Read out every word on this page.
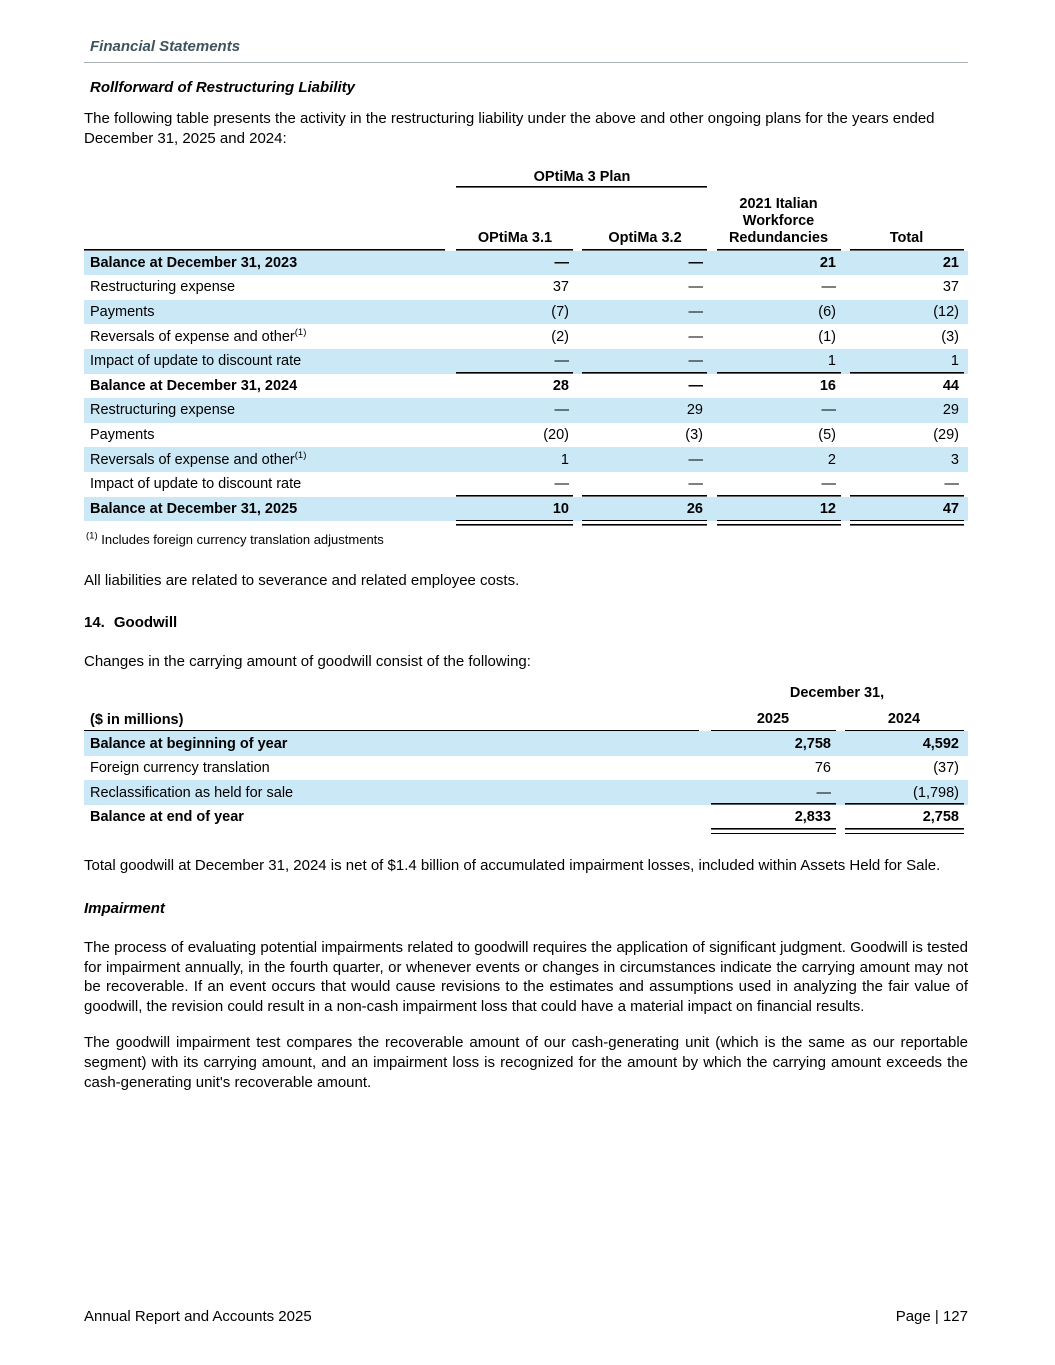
Financial Statements
Rollforward of Restructuring Liability
The following table presents the activity in the restructuring liability under the above and other ongoing plans for the years ended December 31, 2025 and 2024:
	OPtiMa 3 Plan			
	OPtiMa 3.1	OptiMa 3.2	2021 Italian Workforce Redundancies	Total
Balance at December 31, 2023	—	—	21	21
Restructuring expense	37	—	—	37
Payments	(7)	—	(6)	(12)
Reversals of expense and other$^{(1)}$	(2)	—	(1)	(3)
Impact of update to discount rate	—	—	1	1
Balance at December 31, 2024	28	—	16	44
Restructuring expense	—	29	—	29
Payments	(20)	(3)	(5)	(29)
Reversals of expense and other$^{(1)}$	1	—	2	3
Impact of update to discount rate	—	—	—	—
Balance at December 31, 2025	10	26	12	47

$^{(1)}$ Includes foreign currency translation adjustments
All liabilities are related to severance and related employee costs.
14. Goodwill
Changes in the carrying amount of goodwill consist of the following:
	December 31,	
($ in millions)	2025	2024
Balance at beginning of year	2,758	4,592
Foreign currency translation	76	(37)
Reclassification as held for sale	—	(1,798)
Balance at end of year	2,833	2,758

Total goodwill at December 31, 2024 is net of $1.4 billion of accumulated impairment losses, included within Assets Held for Sale.
Impairment
The process of evaluating potential impairments related to goodwill requires the application of significant judgment. Goodwill is tested for impairment annually, in the fourth quarter, or whenever events or changes in circumstances indicate the carrying amount may not be recoverable. If an event occurs that would cause revisions to the estimates and assumptions used in analyzing the fair value of goodwill, the revision could result in a non-cash impairment loss that could have a material impact on financial results.
The goodwill impairment test compares the recoverable amount of our cash-generating unit (which is the same as our reportable segment) with its carrying amount, and an impairment loss is recognized for the amount by which the carrying amount exceeds the cash-generating unit's recoverable amount.
Annual Report and Accounts 2025	Page | 127
